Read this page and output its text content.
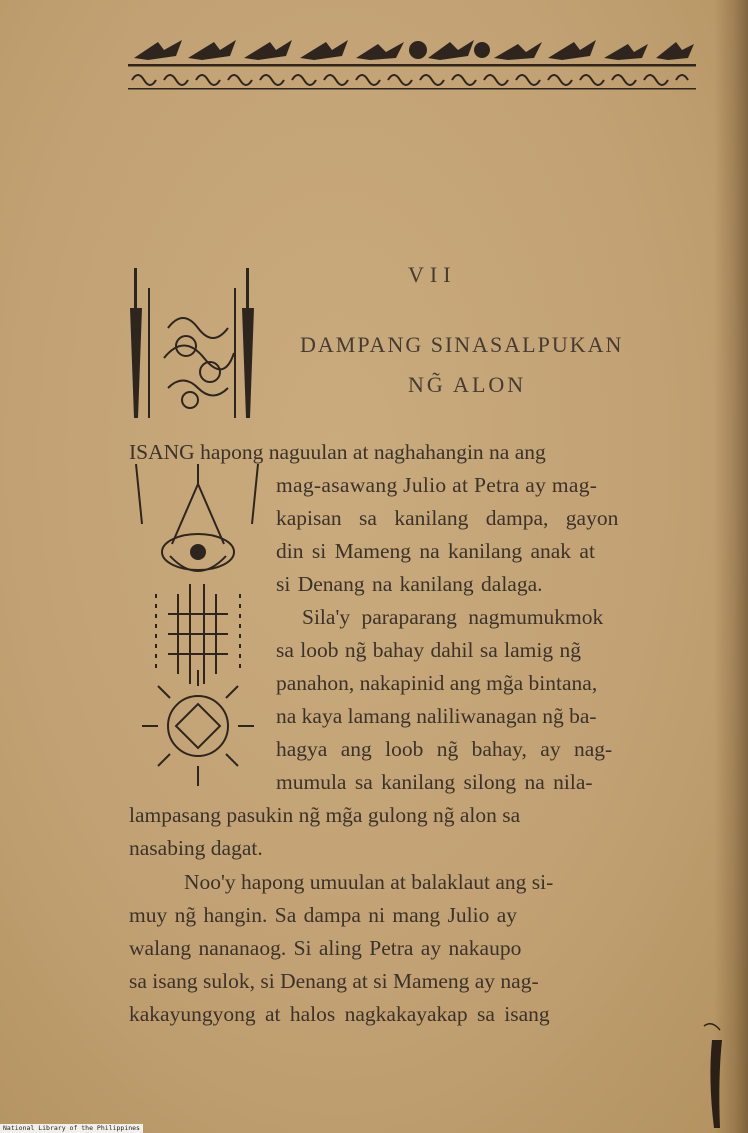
VII
DAMPANG SINASALPUKAN
NG̃ ALON
ISANG hapong naguulan at naghahangin na ang
mag-asawang Julio at Petra ay mag-
kapisan sa kanilang dampa, gayon
din si Mameng na kanilang anak at
si Denang na kanilang dalaga.
Sila'y paraparang nagmumukmok
sa loob ng̃ bahay dahil sa lamig ng̃
panahon, nakapinid ang mg̃a bintana,
na kaya lamang naliliwanagan ng̃ ba-
hagya ang loob ng̃ bahay, ay nag-
mumula sa kanilang silong na nila-
lampasang pasukin ng̃ mg̃a gulong ng̃ alon sa
nasabing dagat.
Noo'y hapong umuulan at balaklaut ang si-
muy ng̃ hangin. Sa dampa ni mang Julio ay
walang nananaog. Si aling Petra ay nakaupo
sa isang sulok, si Denang at si Mameng ay nag-
kakayungyong at halos nagkakayakap sa isang
National Library of the Philippines
